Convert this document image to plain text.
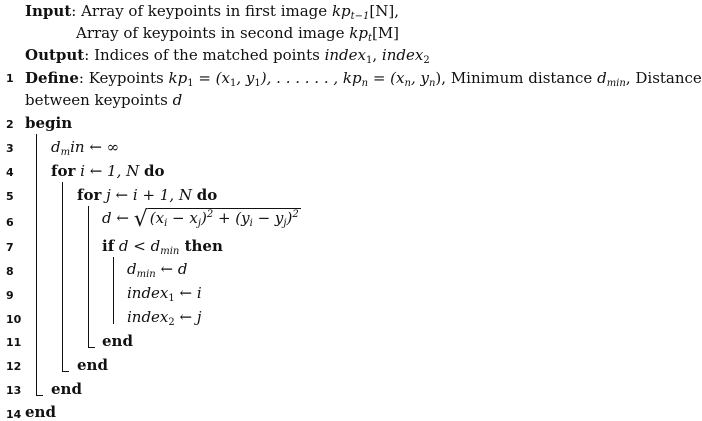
Input: Array of keypoints in first image $kp_{t-1}[N]$,
Array of keypoints in second image $kp_t[M]$
Output: Indices of the matched points index$_1$, index$_2$
1 Define: Keypoints $kp_1 = (x_1$, $y_1$), . . . . . . , $kp_n = (x_n$, $y_n$), Minimum distance $d_{min}$, Distance
between keypoints d
2 begin
3	$d_min$ ← ∞
4	for i ← 1, N do
5	for j ← i + 1, N do
6	d ← √ $(x_i - x_j)^2 + (y_i - y_j)^2$
7	if $d < d_{min}$ then
8	$d_{min}$ ← d
9	index$_1$ ← i
10	index$_2$ ← j
11	end
12	end
13 end
14 end
